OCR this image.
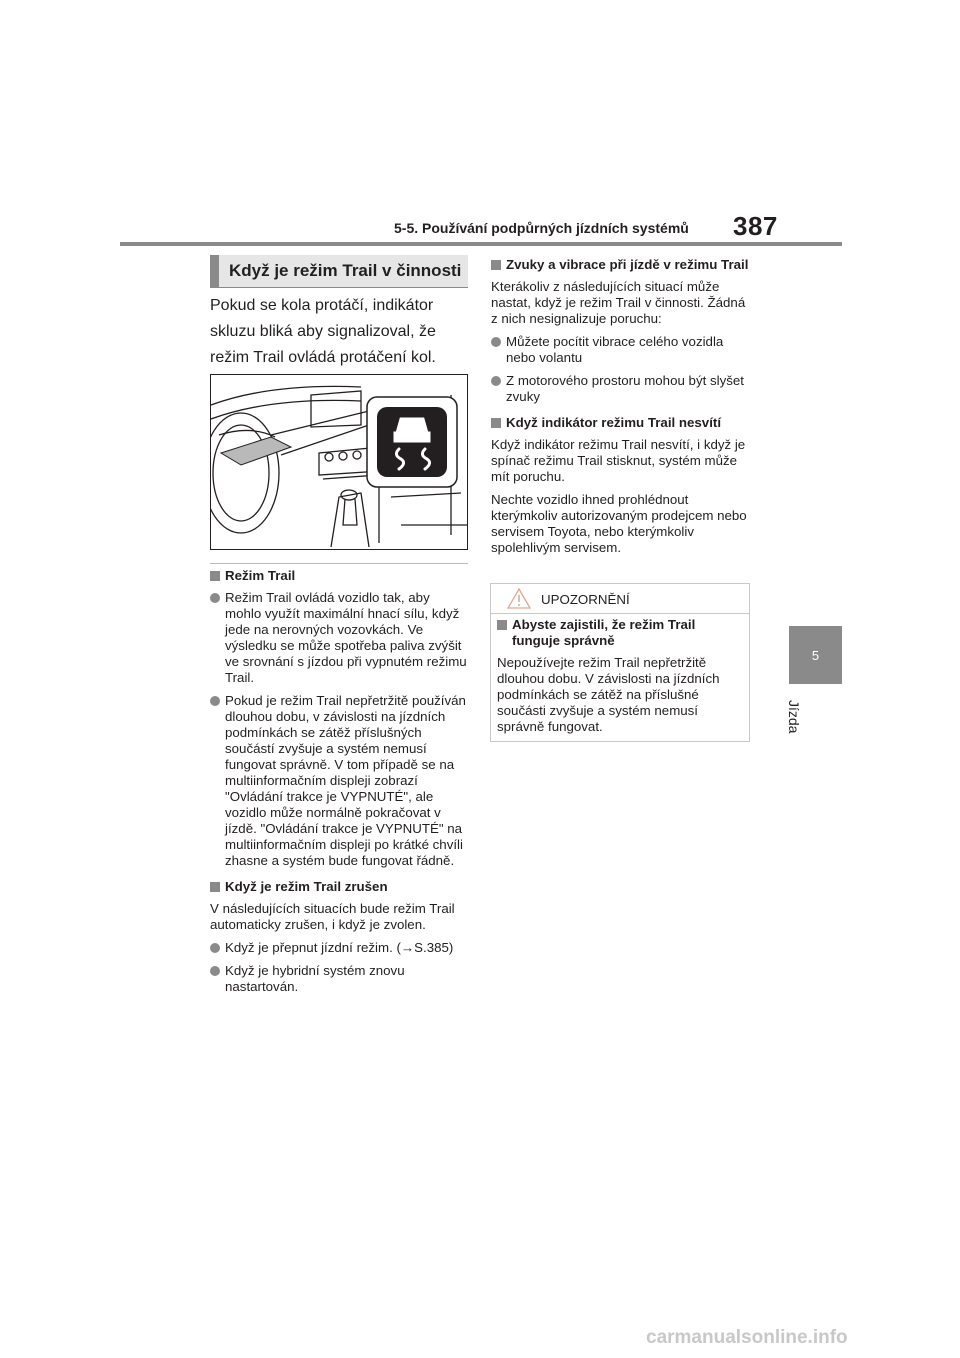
5-5. Používání podpůrných jízdních systémů 387
5
Jízda
Když je režim Trail v činnosti
Pokud se kola protáčí, indikátor skluzu bliká aby signalizoval, že režim Trail ovládá protáčení kol.
Režim Trail
Režim Trail ovládá vozidlo tak, aby mohlo využít maximální hnací sílu, když jede na nerovných vozovkách. Ve výsledku se může spotřeba paliva zvýšit ve srovnání s jízdou při vypnutém režimu Trail.
Pokud je režim Trail nepřetržitě používán dlouhou dobu, v závislosti na jízdních podmínkách se zátěž příslušných součástí zvyšuje a systém nemusí fungovat správně. V tom případě se na multiinformačním displeji zobrazí "Ovládání trakce je VYPNUTÉ", ale vozidlo může normálně pokračovat v jízdě. "Ovládání trakce je VYPNUTÉ" na multiinformačním displeji po krátké chvíli zhasne a systém bude fungovat řádně.
Když je režim Trail zrušen
V následujících situacích bude režim Trail automaticky zrušen, i když je zvolen.
Když je přepnut jízdní režim. (→S.385)
Když je hybridní systém znovu nastartován.
Zvuky a vibrace při jízdě v režimu Trail
Kterákoliv z následujících situací může nastat, když je režim Trail v činnosti. Žádná z nich nesignalizuje poruchu:
Můžete pocítit vibrace celého vozidla nebo volantu
Z motorového prostoru mohou být slyšet zvuky
Když indikátor režimu Trail nesvítí
Když indikátor režimu Trail nesvítí, i když je spínač režimu Trail stisknut, systém může mít poruchu.
Nechte vozidlo ihned prohlédnout kterýmkoliv autorizovaným prodejcem nebo servisem Toyota, nebo kterýmkoliv spolehlivým servisem.
UPOZORNĚNÍ
Abyste zajistili, že režim Trail funguje správně
Nepoužívejte režim Trail nepřetržitě dlouhou dobu. V závislosti na jízdních podmínkách se zátěž na příslušné součásti zvyšuje a systém nemusí správně fungovat.
carmanualsonline.info
